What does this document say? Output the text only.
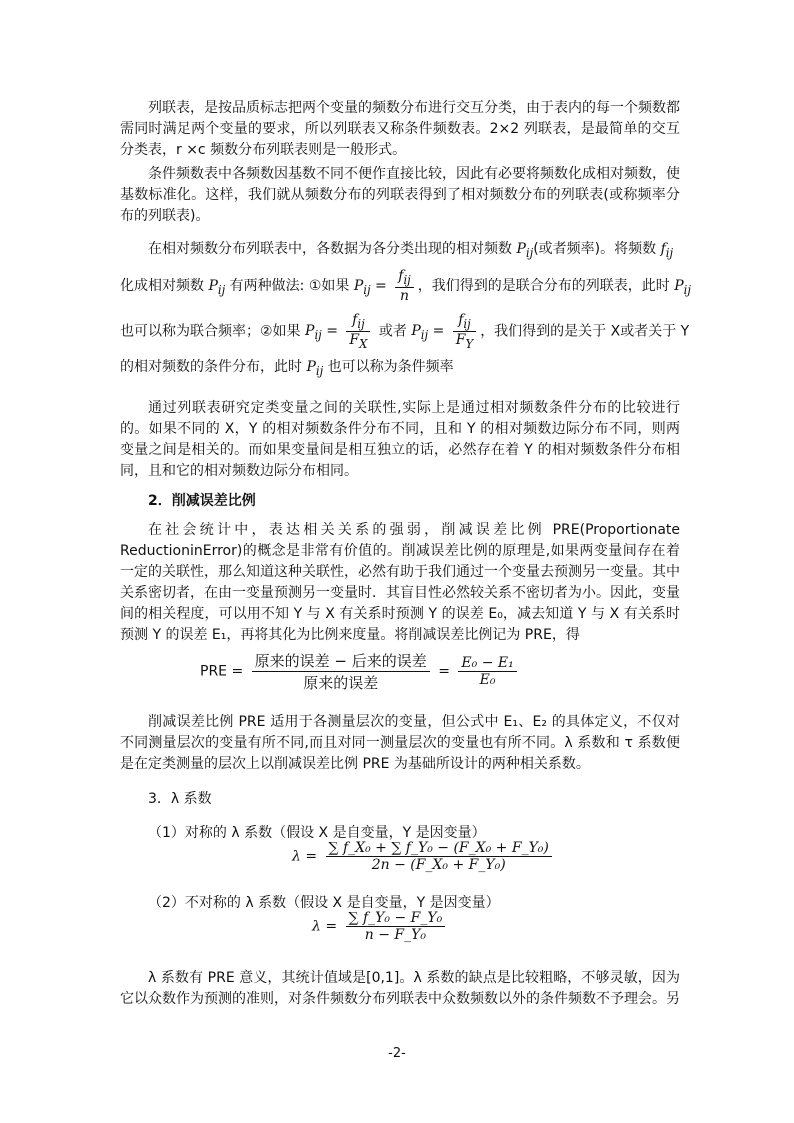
列联表，是按品质标志把两个变量的频数分布进行交互分类，由于表内的每一个频数都需同时满足两个变量的要求，所以列联表又称条件频数表。2×2 列联表，是最简单的交互分类表，r ×c 频数分布列联表则是一般形式。
条件频数表中各频数因基数不同不便作直接比较，因此有必要将频数化成相对频数，使基数标准化。这样，我们就从频数分布的列联表得到了相对频数分布的列联表(或称频率分布的列联表)。
在相对频数分布列联表中，各数据为各分类出现的相对频数 $P_{ij}$(或者频率)。将频数 $f_{ij}$
化成相对频数 $P_{ij}$ 有两种做法: ①如果 $P_{ij} = \frac{f_{ij}}{n}$ ，我们得到的是联合分布的列联表，此时 $P_{ij}$
也可以称为联合频率；②如果 $P_{ij} = \frac{f_{ij}}{F_X}$ 或者 $P_{ij} = \frac{f_{ij}}{F_Y}$ ，我们得到的是关于 X或者关于 Y
的相对频数的条件分布，此时 $P_{ij}$ 也可以称为条件频率
通过列联表研究定类变量之间的关联性,实际上是通过相对频数条件分布的比较进行的。如果不同的 X，Y 的相对频数条件分布不同，且和 Y 的相对频数边际分布不同，则两变量之间是相关的。而如果变量间是相互独立的话，必然存在着 Y 的相对频数条件分布相同，且和它的相对频数边际分布相同。
2．削减误差比例
在社会统计中，表达相关关系的强弱，削减误差比例 PRE(Proportionate ReductioninError)的概念是非常有价值的。削减误差比例的原理是,如果两变量间存在着一定的关联性，那么知道这种关联性，必然有助于我们通过一个变量去预测另一变量。其中关系密切者，在由一变量预测另一变量时．其盲目性必然较关系不密切者为小。因此，变量间的相关程度，可以用不知 Y 与 X 有关系时预测 Y 的误差 E₀，减去知道 Y 与 X 有关系时预测 Y 的误差 E₁，再将其化为比例来度量。将削减误差比例记为 PRE，得
PRE = $\frac{\text{原来的误差 − 后来的误差}}{\text{原来的误差}} = \frac{\text{E₀ − E₁}}{\text{E₀}}$
削减误差比例 PRE 适用于各测量层次的变量，但公式中 E₁、E₂ 的具体定义，不仅对不同测量层次的变量有所不同,而且对同一测量层次的变量也有所不同。λ 系数和 τ 系数便是在定类测量的层次上以削减误差比例 PRE 为基础所设计的两种相关系数。
3．λ 系数
（1）对称的 λ 系数（假设 X 是自变量，Y 是因变量）
$\lambda = \frac{\text{∑ f\_X₀ + ∑ f\_Y₀ − (F\_X₀ + F\_Y₀)}}{\text{2n − (F\_X₀ + F\_Y₀)}}$
（2）不对称的 λ 系数（假设 X 是自变量，Y 是因变量）
$\lambda = \frac{\text{∑ f\_Y₀ − F\_Y₀}}{\text{n − F\_Y₀}}$
λ 系数有 PRE 意义，其统计值域是[0,1]。λ 系数的缺点是比较粗略，不够灵敏，因为它以众数作为预测的准则，对条件频数分布列联表中众数频数以外的条件频数不予理会。另
-2-
